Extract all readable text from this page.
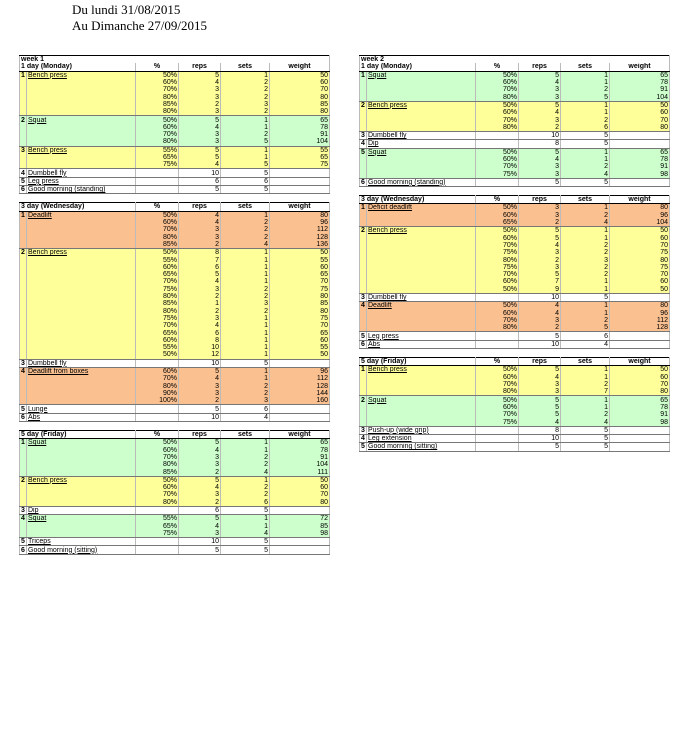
Du lundi 31/08/2015
Au Dimanche 27/09/2015
week 1					
1 day (Monday)		%	reps	sets	weight
1	Bench press	50%	5	1	50
		60%	4	2	60
		70%	3	2	70
		80%	3	2	80
		85%	2	3	85
		80%	3	2	80
2	Squat	50%	5	1	65
		60%	4	1	78
		70%	3	2	91
		80%	3	5	104
3	Bench press	55%	5	1	55
		65%	5	1	65
		75%	4	5	75
4	Dumbbell fly		10	5	
5	Leg press		6	6	
6	Good morning (standing)		5	5	

3 day (Wednesday)		%	reps	sets	weight
1	Deadlift	50%	4	1	80
		60%	4	2	96
		70%	3	2	112
		80%	3	2	128
		85%	2	4	136
2	Bench press	50%	8	1	50
		55%	7	1	55
		60%	6	1	60
		65%	5	1	65
		70%	4	1	70
		75%	3	2	75
		80%	2	2	80
		85%	1	3	85
		80%	2	2	80
		75%	3	1	75
		70%	4	1	70
		65%	6	1	65
		60%	8	1	60
		55%	10	1	55
		50%	12	1	50
3	Dumbbell fly		10	5	
4	Deadlift from boxes	60%	5	1	96
		70%	4	1	112
		80%	3	2	128
		90%	3	2	144
		100%	2	3	160
5	Lunge		5	6	
6	Abs		10	4	

5 day (Friday)		%	reps	sets	weight
1	Squat	50%	5	1	65
		60%	4	1	78
		70%	3	2	91
		80%	3	2	104
		85%	2	4	111
2	Bench press	50%	5	1	50
		60%	4	2	60
		70%	3	2	70
		80%	2	6	80
3	Dip		6	5	
4	Squat	55%	5	1	72
		65%	4	1	85
		75%	3	4	98
5	Triceps		10	5	
6	Good morning (sitting)		5	5	
week 2					
1 day (Monday)		%	reps	sets	weight
1	Squat	50%	5	1	65
		60%	4	1	78
		70%	3	2	91
		80%	3	5	104
2	Bench press	50%	5	1	50
		60%	4	1	60
		70%	3	2	70
		80%	2	6	80
3	Dumbbell fly		10	5	
4	Dip		8	5	
5	Squat	50%	5	1	65
		60%	4	1	78
		70%	3	2	91
		75%	3	4	98
6	Good morning (standing)		5	5	

3 day (Wednesday)		%	reps	sets	weight
1	Deficit deadlift	50%	3	1	80
		60%	3	2	96
		65%	2	4	104
2	Bench press	50%	5	1	50
		60%	5	1	60
		70%	4	2	70
		75%	3	2	75
		80%	2	3	80
		75%	3	2	75
		70%	5	2	70
		60%	7	1	60
		50%	9	1	50
3	Dumbbell fly		10	5	
4	Deadlift	50%	4	1	80
		60%	4	1	96
		70%	3	2	112
		80%	2	5	128
5	Leg press		5	6	
6	Abs		10	4	

5 day (Friday)		%	reps	sets	weight
1	Bench press	50%	5	1	50
		60%	4	1	60
		70%	3	2	70
		80%	3	7	80
2	Squat	50%	5	1	65
		60%	5	1	78
		70%	5	2	91
		75%	4	4	98
3	Push-up (wide grip)		8	5	
4	Leg extension		10	5	
5	Good morning (sitting)		5	5	
